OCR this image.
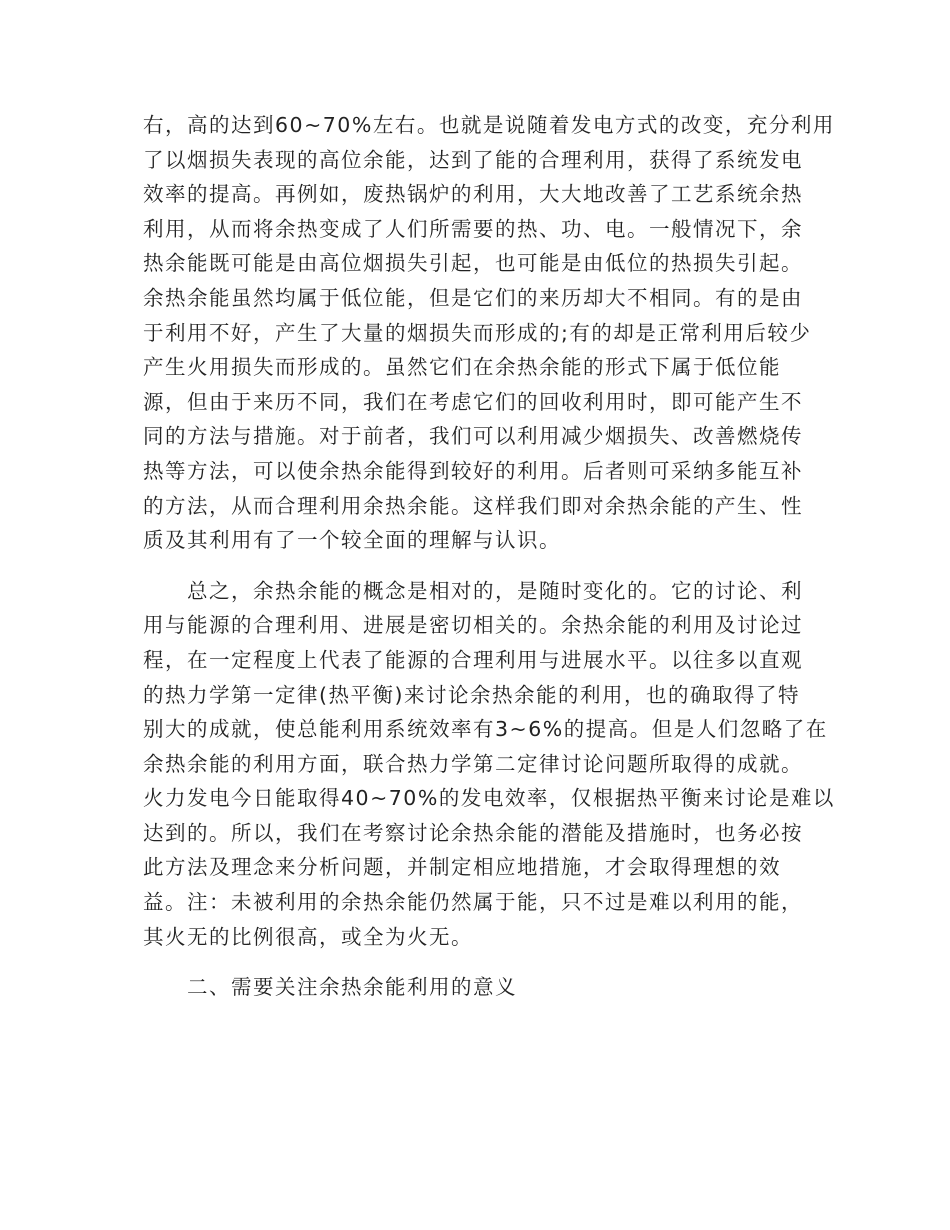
右，高的达到60~70%左右。也就是说随着发电方式的改变，充分利用
了以烟损失表现的高位余能，达到了能的合理利用，获得了系统发电
效率的提高。再例如，废热锅炉的利用，大大地改善了工艺系统余热
利用，从而将余热变成了人们所需要的热、功、电。一般情况下，余
热余能既可能是由高位烟损失引起，也可能是由低位的热损失引起。
余热余能虽然均属于低位能，但是它们的来历却大不相同。有的是由
于利用不好，产生了大量的烟损失而形成的;有的却是正常利用后较少
产生火用损失而形成的。虽然它们在余热余能的形式下属于低位能
源，但由于来历不同，我们在考虑它们的回收利用时，即可能产生不
同的方法与措施。对于前者，我们可以利用减少烟损失、改善燃烧传
热等方法，可以使余热余能得到较好的利用。后者则可采纳多能互补
的方法，从而合理利用余热余能。这样我们即对余热余能的产生、性
质及其利用有了一个较全面的理解与认识。
总之，余热余能的概念是相对的，是随时变化的。它的讨论、利
用与能源的合理利用、进展是密切相关的。余热余能的利用及讨论过
程，在一定程度上代表了能源的合理利用与进展水平。以往多以直观
的热力学第一定律(热平衡)来讨论余热余能的利用，也的确取得了特
别大的成就，使总能利用系统效率有3~6%的提高。但是人们忽略了在
余热余能的利用方面，联合热力学第二定律讨论问题所取得的成就。
火力发电今日能取得40~70%的发电效率，仅根据热平衡来讨论是难以
达到的。所以，我们在考察讨论余热余能的潜能及措施时，也务必按
此方法及理念来分析问题，并制定相应地措施，才会取得理想的效
益。注：未被利用的余热余能仍然属于能，只不过是难以利用的能，
其火无的比例很高，或全为火无。
二、需要关注余热余能利用的意义
